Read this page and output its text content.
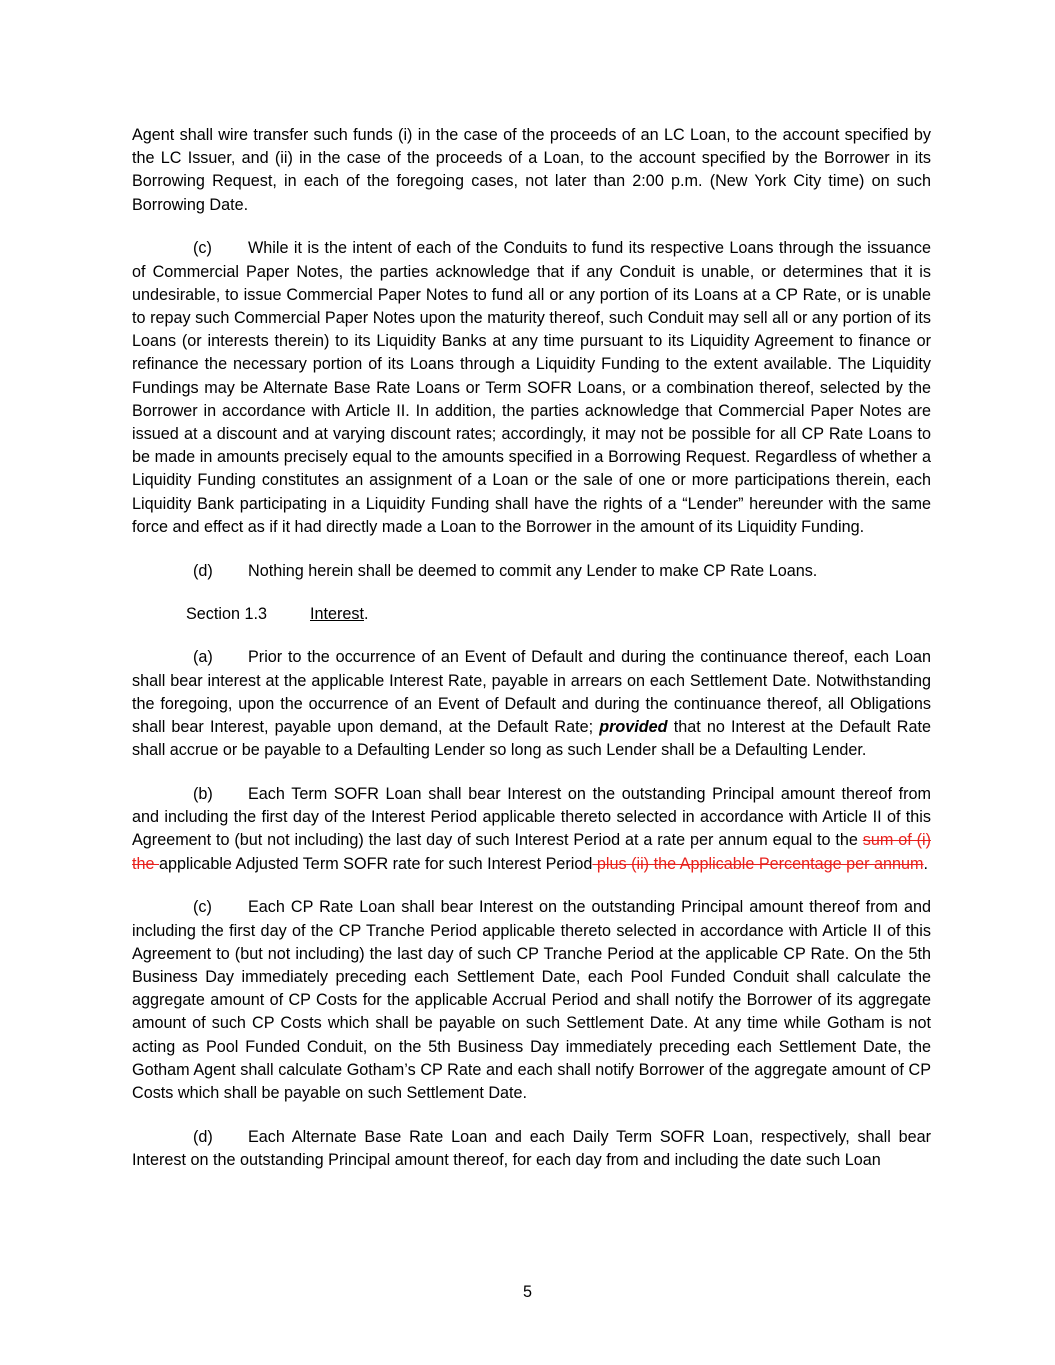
Agent shall wire transfer such funds (i) in the case of the proceeds of an LC Loan, to the account specified by the LC Issuer, and (ii) in the case of the proceeds of a Loan, to the account specified by the Borrower in its Borrowing Request, in each of the foregoing cases, not later than 2:00 p.m. (New York City time) on such Borrowing Date.

(c) While it is the intent of each of the Conduits to fund its respective Loans through the issuance of Commercial Paper Notes, the parties acknowledge that if any Conduit is unable, or determines that it is undesirable, to issue Commercial Paper Notes to fund all or any portion of its Loans at a CP Rate, or is unable to repay such Commercial Paper Notes upon the maturity thereof, such Conduit may sell all or any portion of its Loans (or interests therein) to its Liquidity Banks at any time pursuant to its Liquidity Agreement to finance or refinance the necessary portion of its Loans through a Liquidity Funding to the extent available. The Liquidity Fundings may be Alternate Base Rate Loans or Term SOFR Loans, or a combination thereof, selected by the Borrower in accordance with Article II. In addition, the parties acknowledge that Commercial Paper Notes are issued at a discount and at varying discount rates; accordingly, it may not be possible for all CP Rate Loans to be made in amounts precisely equal to the amounts specified in a Borrowing Request. Regardless of whether a Liquidity Funding constitutes an assignment of a Loan or the sale of one or more participations therein, each Liquidity Bank participating in a Liquidity Funding shall have the rights of a “Lender” hereunder with the same force and effect as if it had directly made a Loan to the Borrower in the amount of its Liquidity Funding.

(d) Nothing herein shall be deemed to commit any Lender to make CP Rate Loans.

Section 1.3	Interest.

(a) Prior to the occurrence of an Event of Default and during the continuance thereof, each Loan shall bear interest at the applicable Interest Rate, payable in arrears on each Settlement Date. Notwithstanding the foregoing, upon the occurrence of an Event of Default and during the continuance thereof, all Obligations shall bear Interest, payable upon demand, at the Default Rate; provided that no Interest at the Default Rate shall accrue or be payable to a Defaulting Lender so long as such Lender shall be a Defaulting Lender.

(b) Each Term SOFR Loan shall bear Interest on the outstanding Principal amount thereof from and including the first day of the Interest Period applicable thereto selected in accordance with Article II of this Agreement to (but not including) the last day of such Interest Period at a rate per annum equal to the sum of (i) the applicable Adjusted Term SOFR rate for such Interest Period plus (ii) the Applicable Percentage per annum.

(c) Each CP Rate Loan shall bear Interest on the outstanding Principal amount thereof from and including the first day of the CP Tranche Period applicable thereto selected in accordance with Article II of this Agreement to (but not including) the last day of such CP Tranche Period at the applicable CP Rate. On the 5th Business Day immediately preceding each Settlement Date, each Pool Funded Conduit shall calculate the aggregate amount of CP Costs for the applicable Accrual Period and shall notify the Borrower of its aggregate amount of such CP Costs which shall be payable on such Settlement Date. At any time while Gotham is not acting as Pool Funded Conduit, on the 5th Business Day immediately preceding each Settlement Date, the Gotham Agent shall calculate Gotham’s CP Rate and each shall notify Borrower of the aggregate amount of CP Costs which shall be payable on such Settlement Date.

(d) Each Alternate Base Rate Loan and each Daily Term SOFR Loan, respectively, shall bear Interest on the outstanding Principal amount thereof, for each day from and including the date such Loan

5
